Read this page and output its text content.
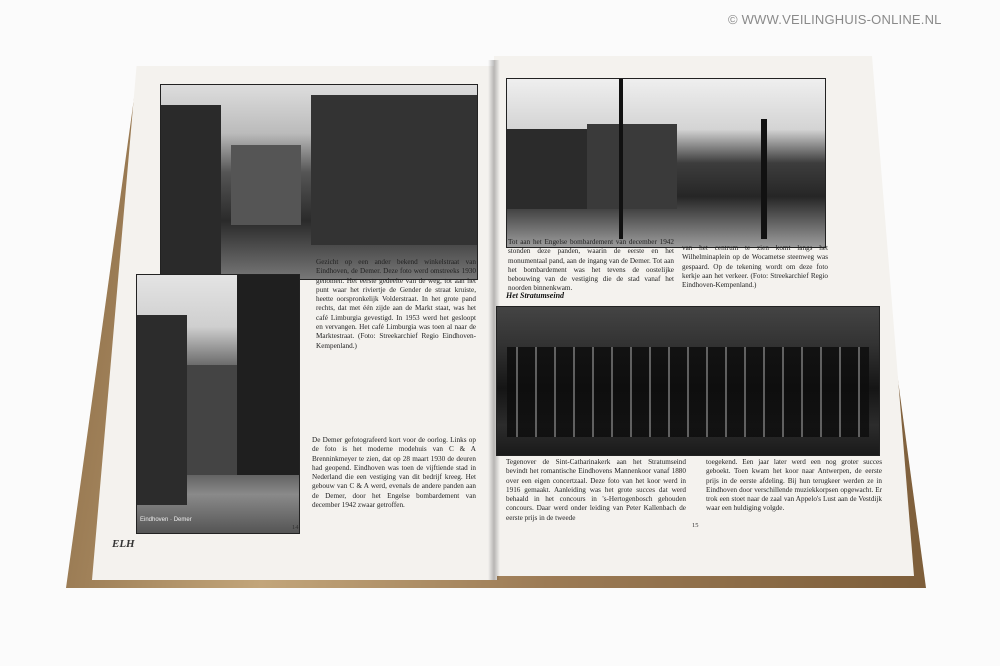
© WWW.VEILINGHUIS-ONLINE.NL
Eindhoven · Demer
Gezicht op een ander bekend winkelstraat van Eindhoven, de Demer. Deze foto werd omstreeks 1930 genomen. Het eerste gedeelte van de weg, tot aan het punt waar het riviertje de Gender de straat kruiste, heette oorspronkelijk Volderstraat. In het grote pand rechts, dat met één zijde aan de Markt staat, was het café Limburgia gevestigd. In 1953 werd het gesloopt en vervangen. Het café Limburgia was toen al naar de Marktestraat. (Foto: Streekarchief Regio Eindhoven-Kempenland.)
De Demer gefotografeerd kort voor de oorlog. Links op de foto is het moderne modehuis van C & A Brenninkmeyer te zien, dat op 28 maart 1930 de deuren had geopend. Eindhoven was toen de vijftiende stad in Nederland die een vestiging van dit bedrijf kreeg. Het gebouw van C & A werd, evenals de andere panden aan de Demer, door het Engelse bombardement van december 1942 zwaar getroffen.
14
ELH
Tot aan het Engelse bombardement van december 1942 stonden deze panden, waarin de eerste en het monumentaal pand, aan de ingang van de Demer. Tot aan het bombardement was het tevens de oostelijke bebouwing van de vestiging die de stad vanaf het noorden binnenkwam.
van het centrum te zien komt langs het Wilhelminaplein op de Wocametse steenweg was gespaard. Op de tekening wordt om deze foto kerkje aan het verkeer. (Foto: Streekarchief Regio Eindhoven-Kempenland.)
Het Stratumseind
Tegenover de Sint-Catharinakerk aan het Stratumseind bevindt het romantische Eindhovens Mannenkoor vanaf 1880 over een eigen concertzaal. Deze foto van het koor werd in 1916 gemaakt. Aanleiding was het grote succes dat werd behaald in het concours in 's-Hertogenbosch gehouden concours. Daar werd onder leiding van Peter Kallenbach de eerste prijs in de tweede
toegekend. Een jaar later werd een nog groter succes geboekt. Toen kwam het koor naar Antwerpen, de eerste prijs in de eerste afdeling. Bij hun terugkeer werden ze in Eindhoven door verschillende muziekkorpsen opgewacht. Er trok een stoet naar de zaal van Appelo's Lust aan de Vestdijk waar een huldiging volgde.
15
